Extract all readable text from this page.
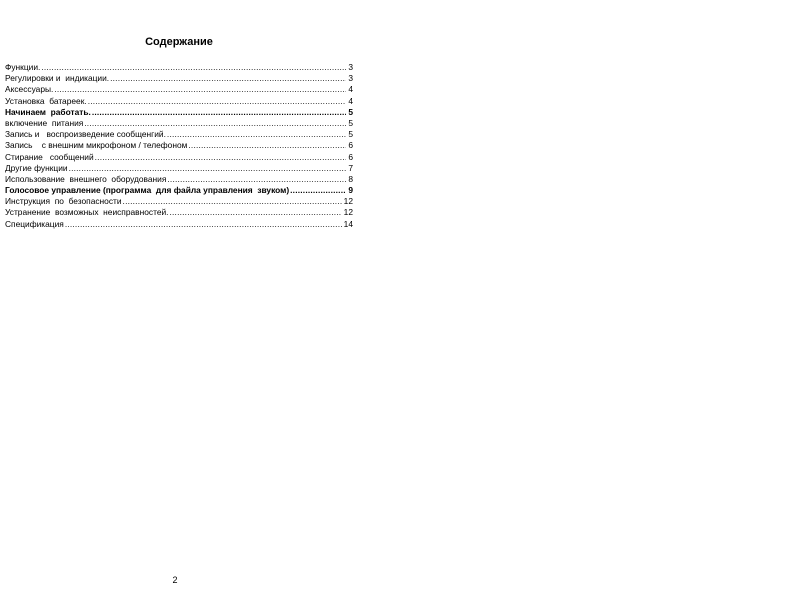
Содержание
Функции. .....	3
Регулировки и  индикации. .....	3
Аксессуары. .....	4
Установка  батареек. .....	4
Начинаем  работать. .....	5
включение  питания .....	5
Запись и   воспроизведение сообщенгий. .....	5
Запись    с внешним микрофоном / телефоном .....	6
Стирание   сообщений .....	6
Другие функции .....	7
Использование  внешнего  оборудования .....	8
Голосовое управление (программа  для файла управления  звуком) .....	9
Инструкция  по  безопасности .....	12
Устранение  возможных  неисправностей. .....	12
Спецификация .....	14

2
